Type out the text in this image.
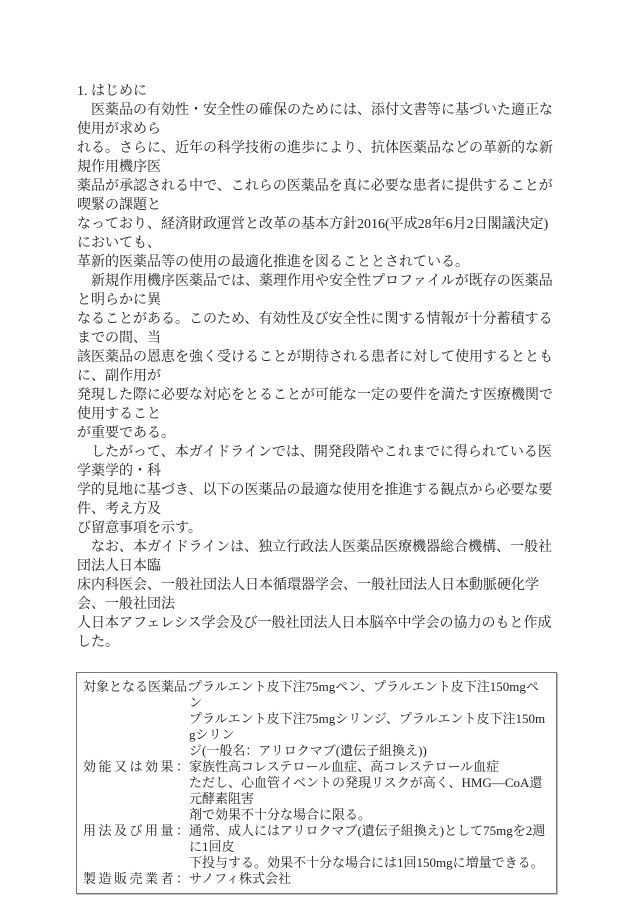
1. はじめに
　医薬品の有効性・安全性の確保のためには、添付文書等に基づいた適正な使用が求めら
れる。さらに、近年の科学技術の進歩により、抗体医薬品などの革新的な新規作用機序医
薬品が承認される中で、これらの医薬品を真に必要な患者に提供することが喫緊の課題と
なっており、経済財政運営と改革の基本方針2016(平成28年6月2日閣議決定)においても、
革新的医薬品等の使用の最適化推進を図ることとされている。
　新規作用機序医薬品では、薬理作用や安全性プロファイルが既存の医薬品と明らかに異
なることがある。このため、有効性及び安全性に関する情報が十分蓄積するまでの間、当
該医薬品の恩恵を強く受けることが期待される患者に対して使用するとともに、副作用が
発現した際に必要な対応をとることが可能な一定の要件を満たす医療機関で使用すること
が重要である。
　したがって、本ガイドラインでは、開発段階やこれまでに得られている医学薬学的・科
学的見地に基づき、以下の医薬品の最適な使用を推進する観点から必要な要件、考え方及
び留意事項を示す。
　なお、本ガイドラインは、独立行政法人医薬品医療機器総合機構、一般社団法人日本臨
床内科医会、一般社団法人日本循環器学会、一般社団法人日本動脈硬化学会、一般社団法
人日本アフェレシス学会及び一般社団法人日本脳卒中学会の協力のもと作成した。
対象となる医薬品：
プラルエント皮下注75mgペン、プラルエント皮下注150mgペン
プラルエント皮下注75mgシリンジ、プラルエント皮下注150mgシリン
ジ(一般名：アリロクマブ(遺伝子組換え))
効能又は効果： 家族性高コレステロール血症、高コレステロール血症
ただし、心血管イベントの発現リスクが高く、HMG―CoA還元酵素阻害
剤で効果不十分な場合に限る。
用法及び用量： 通常、成人にはアリロクマブ(遺伝子組換え)として75mgを2週に1回皮
下投与する。効果不十分な場合には1回150mgに増量できる。
製造販売業者： サノフィ株式会社
